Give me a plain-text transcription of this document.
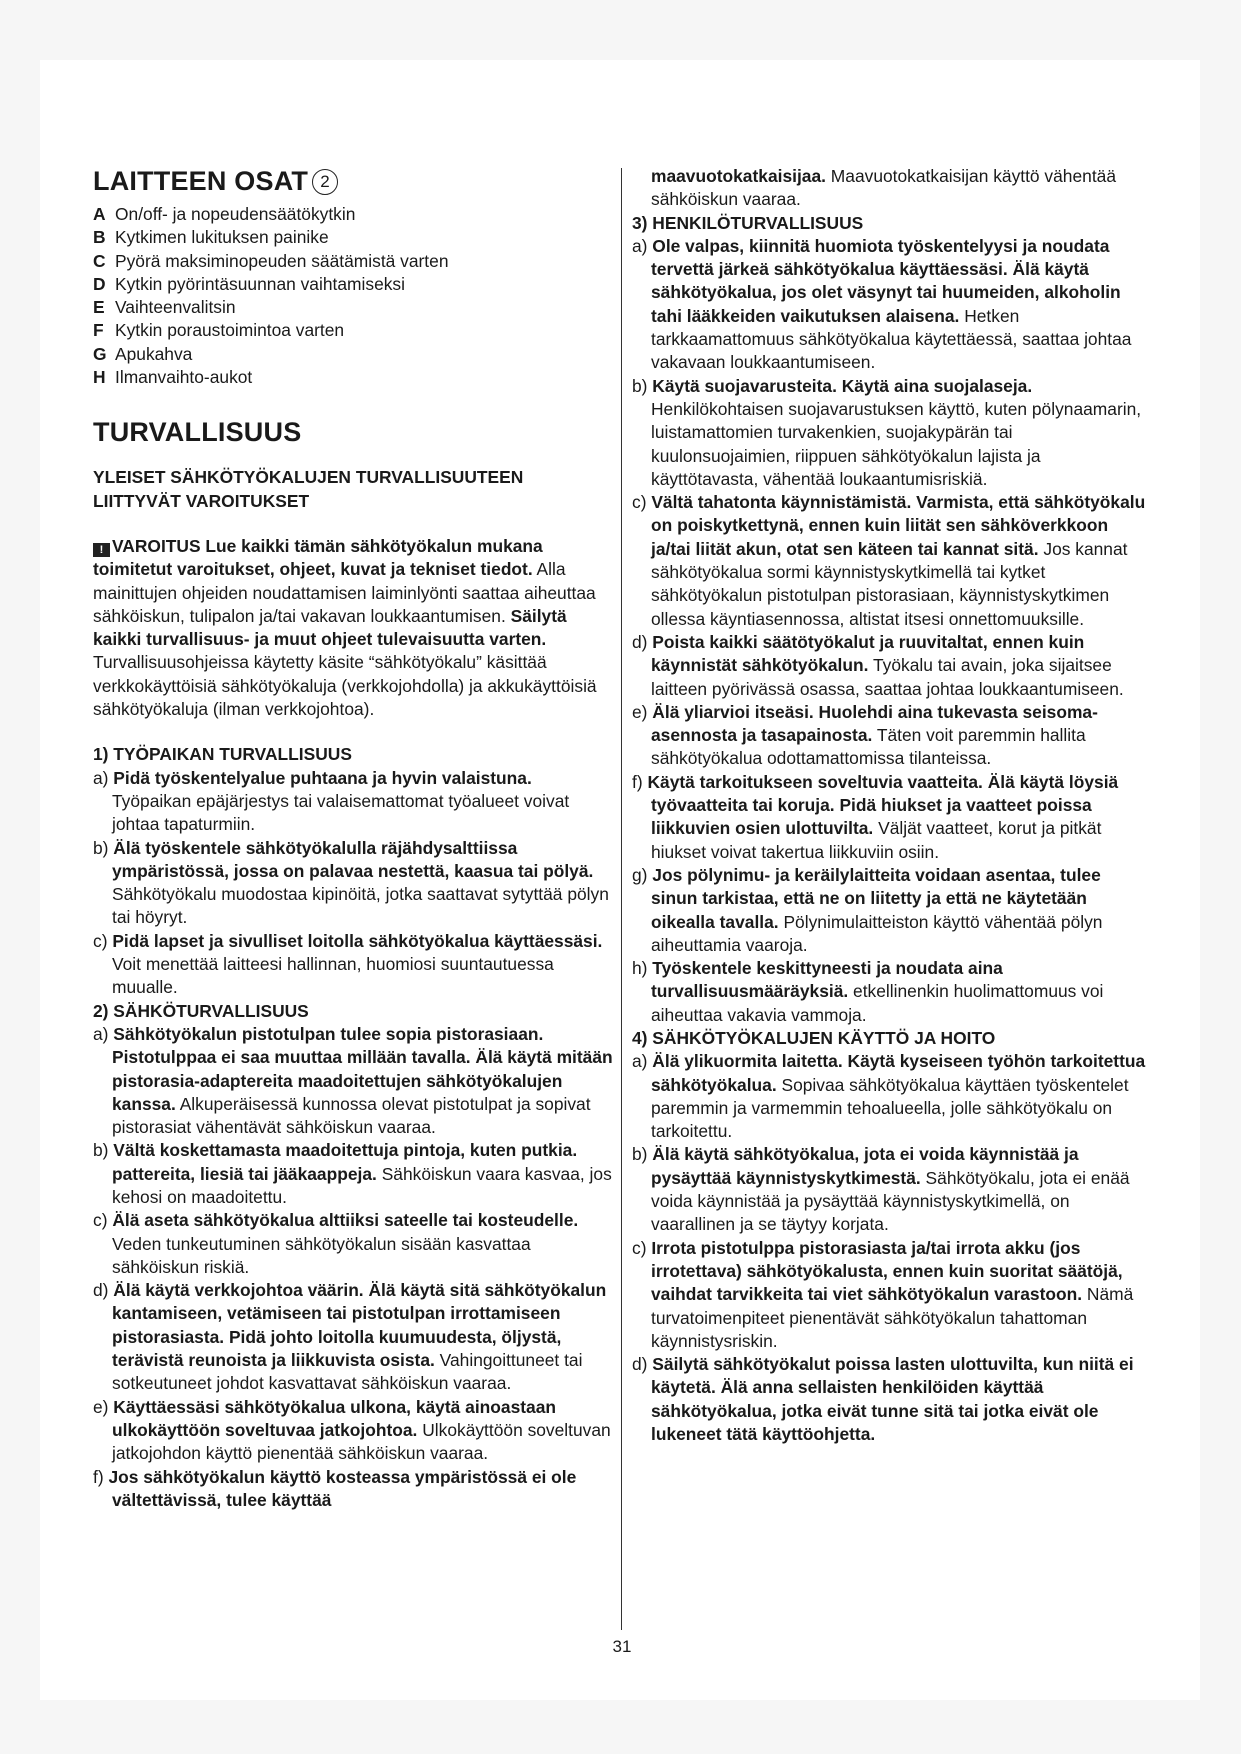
LAITTEEN OSAT 2
A On/off- ja nopeudensäätökytkin
B Kytkimen lukituksen painike
C Pyörä maksiminopeuden säätämistä varten
D Kytkin pyörintäsuunnan vaihtamiseksi
E Vaihteenvalitsin
F Kytkin poraustoimintoa varten
G Apukahva
H Ilmanvaihto-aukot
TURVALLISUUS
YLEISET SÄHKÖTYÖKALUJEN TURVALLISUUTEEN
LIITTYVÄT VAROITUKSET

! VAROITUS Lue kaikki tämän sähkötyökalun mukana toimitetut varoitukset, ohjeet, kuvat ja tekniset tiedot. Alla mainittujen ohjeiden noudattamisen laiminlyönti saattaa aiheuttaa sähköiskun, tulipalon ja/tai vakavan loukkaantumisen. Säilytä kaikki turvallisuus- ja muut ohjeet tulevaisuutta varten. Turvallisuusohjeissa käytetty käsite “sähkötyökalu” käsittää verkkokäyttöisiä sähkötyökaluja (verkkojohdolla) ja akkukäyttöisiä sähkötyökaluja (ilman verkkojohtoa).

1) TYÖPAIKAN TURVALLISUUS

a) Pidä työskentelyalue puhtaana ja hyvin valaistuna. Työpaikan epäjärjestys tai valaisemattomat työalueet voivat johtaa tapaturmiin.

b) Älä työskentele sähkötyökalulla räjähdysalttiissa ympäristössä, jossa on palavaa nestettä, kaasua tai pölyä. Sähkötyökalu muodostaa kipinöitä, jotka saattavat sytyttää pölyn tai höyryt.

c) Pidä lapset ja sivulliset loitolla sähkötyökalua käyttäessäsi. Voit menettää laitteesi hallinnan, huomiosi suuntautuessa muualle.

2) SÄHKÖTURVALLISUUS

a) Sähkötyökalun pistotulpan tulee sopia pistorasiaan. Pistotulppaa ei saa muuttaa millään tavalla. Älä käytä mitään pistorasia-adaptereita maadoitettujen sähkötyökalujen kanssa. Alkuperäisessä kunnossa olevat pistotulpat ja sopivat pistorasiat vähentävät sähköiskun vaaraa.

b) Vältä koskettamasta maadoitettuja pintoja, kuten putkia. pattereita, liesiä tai jääkaappeja. Sähköiskun vaara kasvaa, jos kehosi on maadoitettu.

c) Älä aseta sähkötyökalua alttiiksi sateelle tai kosteudelle. Veden tunkeutuminen sähkötyökalun sisään kasvattaa sähköiskun riskiä.

d) Älä käytä verkkojohtoa väärin. Älä käytä sitä sähkötyökalun kantamiseen, vetämiseen tai pistotulpan irrottamiseen pistorasiasta. Pidä johto loitolla kuumuudesta, öljystä, terävistä reunoista ja liikkuvista osista. Vahingoittuneet tai sotkeutuneet johdot kasvattavat sähköiskun vaaraa.

e) Käyttäessäsi sähkötyökalua ulkona, käytä ainoastaan ulkokäyttöön soveltuvaa jatkojohtoa. Ulkokäyttöön soveltuvan jatkojohdon käyttö pienentää sähköiskun vaaraa.

f) Jos sähkötyökalun käyttö kosteassa ympäristössä ei ole vältettävissä, tulee käyttää

maavuotokatkaisijaa. Maavuotokatkaisijan käyttö vähentää sähköiskun vaaraa.

3) HENKILÖTURVALLISUUS

a) Ole valpas, kiinnitä huomiota työskentelyysi ja noudata tervettä järkeä sähkötyökalua käyttäessäsi. Älä käytä sähkötyökalua, jos olet väsynyt tai huumeiden, alkoholin tahi lääkkeiden vaikutuksen alaisena. Hetken tarkkaamattomuus sähkötyökalua käytettäessä, saattaa johtaa vakavaan loukkaantumiseen.

b) Käytä suojavarusteita. Käytä aina suojalaseja. Henkilökohtaisen suojavarustuksen käyttö, kuten pölynaamarin, luistamattomien turvakenkien, suojakypärän tai kuulonsuojaimien, riippuen sähkötyökalun lajista ja käyttötavasta, vähentää loukaantumisriskiä.

c) Vältä tahatonta käynnistämistä. Varmista, että sähkötyökalu on poiskytkettynä, ennen kuin liität sen sähköverkkoon ja/tai liität akun, otat sen käteen tai kannat sitä. Jos kannat sähkötyökalua sormi käynnistyskytkimellä tai kytket sähkötyökalun pistotulpan pistorasiaan, käynnistyskytkimen ollessa käyntiasennossa, altistat itsesi onnettomuuksille.

d) Poista kaikki säätötyökalut ja ruuvitaltat, ennen kuin käynnistät sähkötyökalun. Työkalu tai avain, joka sijaitsee laitteen pyörivässä osassa, saattaa johtaa loukkaantumiseen.

e) Älä yliarvioi itseäsi. Huolehdi aina tukevasta seisoma-asennosta ja tasapainosta. Täten voit paremmin hallita sähkötyökalua odottamattomissa tilanteissa.

f) Käytä tarkoitukseen soveltuvia vaatteita. Älä käytä löysiä työvaatteita tai koruja. Pidä hiukset ja vaatteet poissa liikkuvien osien ulottuvilta. Väljät vaatteet, korut ja pitkät hiukset voivat takertua liikkuviin osiin.

g) Jos pölynimu- ja keräilylaitteita voidaan asentaa, tulee sinun tarkistaa, että ne on liitetty ja että ne käytetään oikealla tavalla. Pölynimulaitteiston käyttö vähentää pölyn aiheuttamia vaaroja.

h) Työskentele keskittyneesti ja noudata aina turvallisuusmääräyksiä. etkellinenkin huolimattomuus voi aiheuttaa vakavia vammoja.

4) SÄHKÖTYÖKALUJEN KÄYTTÖ JA HOITO

a) Älä ylikuormita laitetta. Käytä kyseiseen työhön tarkoitettua sähkötyökalua. Sopivaa sähkötyökalua käyttäen työskentelet paremmin ja varmemmin tehoalueella, jolle sähkötyökalu on tarkoitettu.

b) Älä käytä sähkötyökalua, jota ei voida käynnistää ja pysäyttää käynnistyskytkimestä. Sähkötyökalu, jota ei enää voida käynnistää ja pysäyttää käynnistyskytkimellä, on vaarallinen ja se täytyy korjata.

c) Irrota pistotulppa pistorasiasta ja/tai irrota akku (jos irrotettava) sähkötyökalusta, ennen kuin suoritat säätöjä, vaihdat tarvikkeita tai viet sähkötyökalun varastoon. Nämä turvatoimenpiteet pienentävät sähkötyökalun tahattoman käynnistysriskin.

d) Säilytä sähkötyökalut poissa lasten ulottuvilta, kun niitä ei käytetä. Älä anna sellaisten henkilöiden käyttää sähkötyökalua, jotka eivät tunne sitä tai jotka eivät ole lukeneet tätä käyttöohjetta.

31
